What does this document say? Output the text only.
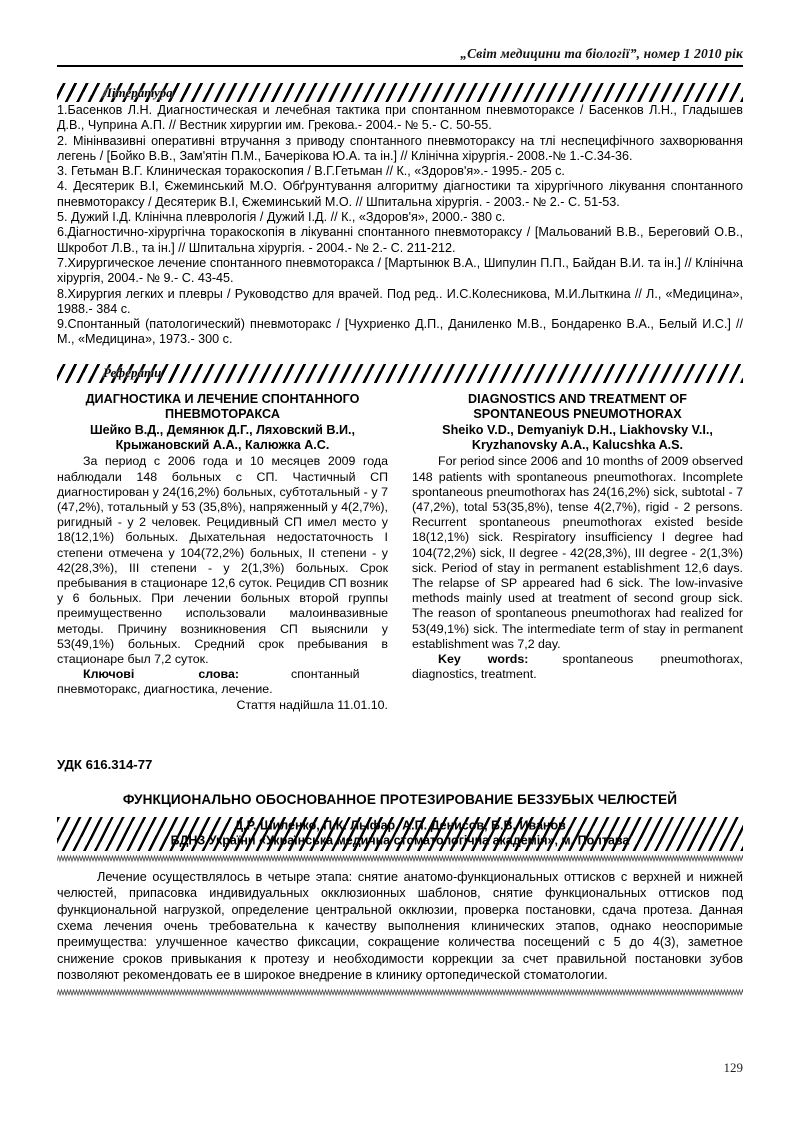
„Світ медицини та біології”, номер 1 2010 рік
Література

1.Басенков Л.Н. Диагностическая и лечебная тактика при спонтанном пневмотораксе / Басенков Л.Н., Гладышев Д.В., Чуприна А.П. // Вестник хирургии им. Грекова.- 2004.- № 5.- С. 50-55.

2. Мінінвазивні оперативні втручання з приводу спонтанного пневмотораксу на тлі неспецифічного захворювання легень / [Бойко В.В., Зам'ятін П.М., Бачерікова Ю.А. та ін.] // Клінічна хірургія.- 2008.-№ 1.-С.34-36.

3. Гетьман В.Г. Клиническая торакоскопия / В.Г.Гетьман // К., «Здоров'я».- 1995.- 205 с.

4. Десятерик В.І, Єжеминський М.О. Обґрунтування алгоритму діагностики та хірургічного лікування спонтанного пневмотораксу / Десятерик В.І, Єжеминський М.О. // Шпитальна хірургія. - 2003.- № 2.- С. 51-53.

5. Дужий І.Д. Клінічна плеврологія / Дужий І.Д. // К., «Здоров'я», 2000.- 380 с.

6.Діагностично-хірургічна торакоскопія в лікуванні спонтанного пневмотораксу / [Мальований В.В., Береговий О.В., Шкробот Л.В., та ін.] // Шпитальна хірургія. - 2004.- № 2.- С. 211-212.

7.Хирургическое лечение спонтанного пневмоторакса / [Мартынюк В.А., Шипулин П.П., Байдан В.И. та ін.] // Клінічна хірургія, 2004.- № 9.- С. 43-45.

8.Хирургия легких и плевры / Руководство для врачей. Под ред.. И.С.Колесникова, М.И.Лыткина // Л., «Медицина», 1988.- 384 с.

9.Спонтанный (патологический) пневмоторакс / [Чухриенко Д.П., Даниленко М.В., Бондаренко В.А., Белый И.С.] // М., «Медицина», 1973.- 300 с.

Реферати
ДИАГНОСТИКА И ЛЕЧЕНИЕ СПОНТАННОГО
ПНЕВМОТОРАКСА
Шейко В.Д., Демянюк Д.Г., Ляховский В.И.,
Крыжановский А.А., Калюжка А.С.
За период с 2006 года и 10 месяцев 2009 года наблюдали 148 больных с СП. Частичный СП диагностирован у 24(16,2%) больных, субтотальный - у 7 (47,2%), тотальный у 53 (35,8%), напряженный у 4(2,7%), ригидный - у 2 человек. Рецидивный СП имел место у 18(12,1%) больных. Дыхательная недостаточность I степени отмечена у 104(72,2%) больных, II степени - у 42(28,3%), III степени - у 2(1,3%) больных. Срок пребывания в стационаре 12,6 суток. Рецидив СП возник у 6 больных. При лечении больных второй группы преимущественно использовали малоинвазивные методы. Причину возникновения СП выяснили у 53(49,1%) больных. Средний срок пребывания в стационаре был 7,2 суток.
Ключові	слова:	спонтанный пневмоторакс, диагностика, лечение.
Стаття надійшла 11.01.10.
DIAGNOSTICS AND TREATMENT OF
SPONTANEOUS PNEUMOTHORAX
Sheiko V.D., Demyaniyk D.H., Liakhovsky V.I.,
Kryzhanovsky A.A., Kalucshka A.S.
For period since 2006 and 10 months of 2009 observed 148 patients with spontaneous pneumothorax. Incomplete spontaneous pneumothorax has 24(16,2%) sick, subtotal - 7 (47,2%), total 53(35,8%), tense 4(2,7%), rigid - 2 persons. Recurrent spontaneous pneumothorax existed beside 18(12,1%) sick. Respiratory insufficiency I degree had 104(72,2%) sick, II degree - 42(28,3%), III degree - 2(1,3%) sick. Period of stay in permanent establishment 12,6 days. The relapse of SP appeared had 6 sick. The low-invasive methods mainly used at treatment of second group sick. The reason of spontaneous pneumothorax had realized for 53(49,1%) sick. The intermediate term of stay in permanent establishment was 7,2 day.
Key words:	spontaneous pneumothorax, diagnostics, treatment.
УДК 616.314-77
ФУНКЦИОНАЛЬНО ОБОСНОВАННОЕ ПРОТЕЗИРОВАНИЕ БЕЗЗУБЫХ ЧЕЛЮСТЕЙ
Д.Р. Шиленко, П.К. Лыфар, А.П. Денисов, Б.В. Иванов
ВДНЗ України «Українська медична стоматологічна академія», м. Полтава
Лечение осуществлялось в четыре этапа: снятие анатомо-функциональных оттисков с верхней и нижней челюстей, припасовка индивидуальных окклюзионных шаблонов, снятие функциональных оттисков под функциональной нагрузкой, определение центральной окклюзии, проверка постановки, сдача протеза. Данная схема лечения очень требовательна к качеству выполнения клинических этапов, однако неоспоримые преимущества: улучшенное качество фиксации, сокращение количества посещений с 5 до 4(3), заметное снижение сроков привыкания к протезу и необходимости коррекции за счет правильной постановки зубов позволяют рекомендовать ее в широкое внедрение в клинику ортопедической стоматологии.
129
